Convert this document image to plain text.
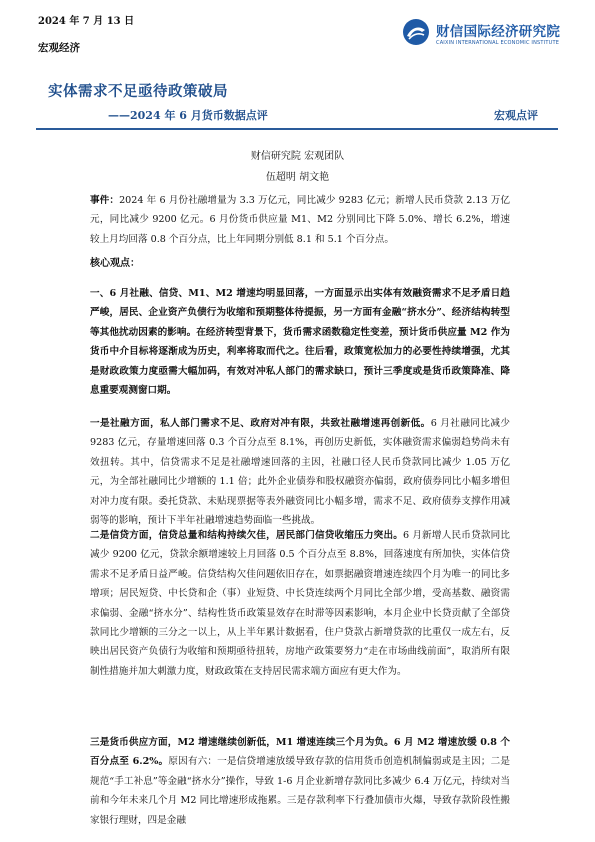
2024 年 7 月 13 日
宏观经济
财信国际经济研究院
CAIXIN INTERNATIONAL ECONOMIC INSTITUTE
实体需求不足亟待政策破局
——2024 年 6 月货币数据点评	宏观点评
财信研究院 宏观团队
伍超明 胡文艳

事件：2024 年 6 月份社融增量为 3.3 万亿元，同比减少 9283 亿元；新增人民币贷款 2.13 万亿元，同比减少 9200 亿元。6 月份货币供应量 M1、M2 分别同比下降 5.0%、增长 6.2%，增速较上月均回落 0.8 个百分点，比上年同期分别低 8.1 和 5.1 个百分点。

核心观点：

一、6 月社融、信贷、M1、M2 增速均明显回落，一方面显示出实体有效融资需求不足矛盾日趋严峻，居民、企业资产负债行为收缩和预期整体待提振，另一方面有金融“挤水分”、经济结构转型等其他扰动因素的影响。在经济转型背景下，货币需求函数稳定性变差，预计货币供应量 M2 作为货币中介目标将逐渐成为历史，利率将取而代之。往后看，政策宽松加力的必要性持续增强，尤其是财政政策力度亟需大幅加码，有效对冲私人部门的需求缺口，预计三季度或是货币政策降准、降息重要观测窗口期。

一是社融方面，私人部门需求不足、政府对冲有限，共致社融增速再创新低。6 月社融同比减少 9283 亿元，存量增速回落 0.3 个百分点至 8.1%，再创历史新低，实体融资需求偏弱趋势尚未有效扭转。其中，信贷需求不足是社融增速回落的主因，社融口径人民币贷款同比减少 1.05 万亿元，为全部社融同比少增额的 1.1 倍；此外企业债券和股权融资亦偏弱，政府债券同比小幅多增但对冲力度有限。委托贷款、未贴现票据等表外融资同比小幅多增，需求不足、政府债券支撑作用减弱等的影响，预计下半年社融增速趋势面临一些挑战。

二是信贷方面，信贷总量和结构持续欠佳，居民部门信贷收缩压力突出。6 月新增人民币贷款同比减少 9200 亿元，贷款余额增速较上月回落 0.5 个百分点至 8.8%，回落速度有所加快，实体信贷需求不足矛盾日益严峻。信贷结构欠佳问题依旧存在，如票据融资增速连续四个月为唯一的同比多增项；居民短贷、中长贷和企（事）业短贷、中长贷连续两个月同比全部少增，受高基数、融资需求偏弱、金融“挤水分”、结构性货币政策显效存在时滞等因素影响，本月企业中长贷贡献了全部贷款同比少增额的三分之一以上，从上半年累计数据看，住户贷款占新增贷款的比重仅一成左右，反映出居民资产负债行为收缩和预期亟待扭转，房地产政策要努力“走在市场曲线前面”，取消所有限制性措施并加大刺激力度，财政政策在支持居民需求端方面应有更大作为。

三是货币供应方面，M2 增速继续创新低，M1 增速连续三个月为负。6 月 M2 增速放缓 0.8 个百分点至 6.2%。原因有六：一是信贷增速放缓导致存款的信用货币创造机制偏弱或是主因；二是规范“手工补息”等金融“挤水分”操作，导致 1-6 月企业新增存款同比多减少 6.4 万亿元，持续对当前和今年未来几个月 M2 同比增速形成拖累。三是存款利率下行叠加债市火爆，导致存款阶段性搬家银行理财，四是金融
